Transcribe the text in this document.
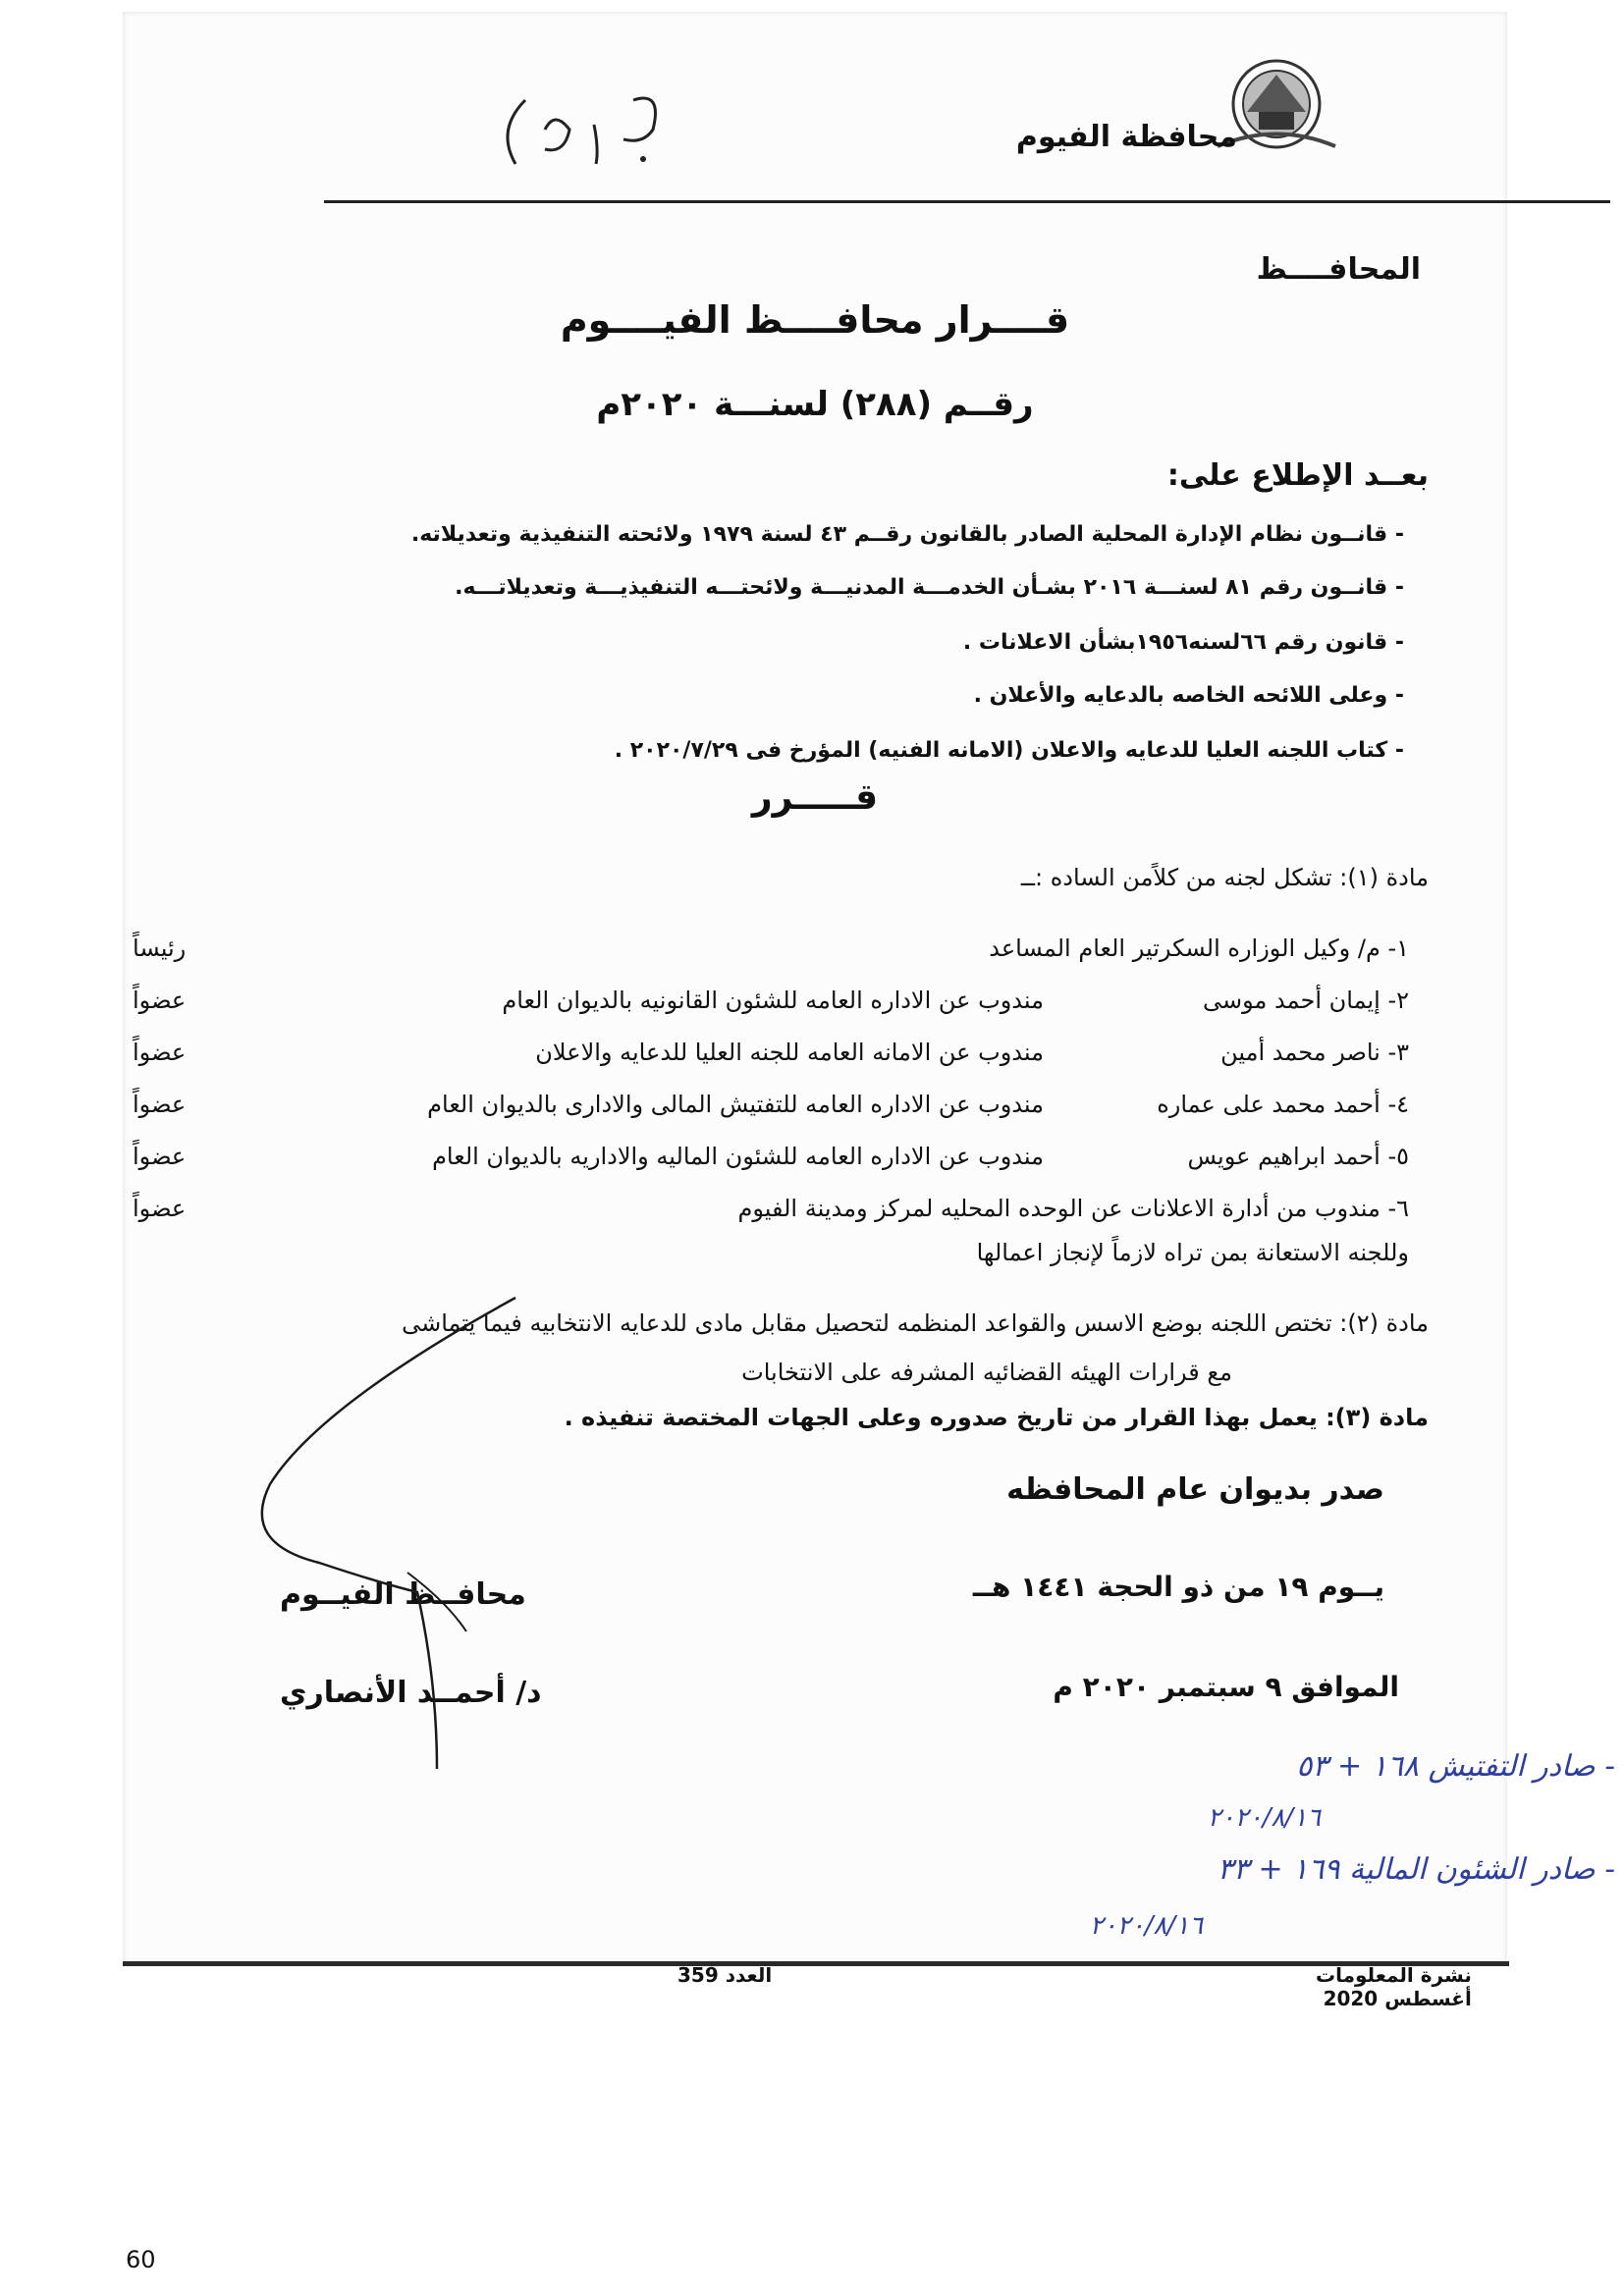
محافظة الفيوم
المحافــــظ
قــــرار محافــــظ الفيــــوم
رقــم (٢٨٨) لسنـــة ٢٠٢٠م
بعــد الإطلاع على:
- قانــون نظام الإدارة المحلية الصادر بالقانون رقــم ٤٣ لسنة ١٩٧٩ ولائحته التنفيذية وتعديلاته.
- قانــون رقم ٨١ لسنـــة ٢٠١٦ بشـأن الخدمـــة المدنيـــة ولائحتـــه التنفيذيـــة وتعديلاتـــه.
- قانون رقم ٦٦لسنه١٩٥٦بشأن الاعلانات .
- وعلى اللائحه الخاصه بالدعايه والأعلان .
- كتاب اللجنه العليا للدعايه والاعلان (الامانه الفنيه) المؤرخ فى ٢٠٢٠/٧/٢٩ .
قـــــرر
مادة (١): تشكل لجنه من كلاًمن الساده :ــ
١- م/ وكيل الوزاره السكرتير العام المساعد
رئيساً
٢- إيمان أحمد موسى
مندوب عن الاداره العامه للشئون القانونيه بالديوان العام
عضواً
٣- ناصر محمد أمين
مندوب عن الامانه العامه للجنه العليا للدعايه والاعلان
عضواً
٤- أحمد محمد على عماره
مندوب عن الاداره العامه للتفتيش المالى والادارى بالديوان العام
عضواً
٥- أحمد ابراهيم عويس
مندوب عن الاداره العامه للشئون الماليه والاداريه بالديوان العام
عضواً
٦- مندوب من أدارة الاعلانات عن الوحده المحليه لمركز ومدينة الفيوم
عضواً
وللجنه الاستعانة بمن تراه لازماً لإنجاز اعمالها
مادة (٢): تختص اللجنه بوضع الاسس والقواعد المنظمه لتحصيل مقابل مادى للدعايه الانتخابيه فيما يتماشى
مع قرارات الهيئه القضائيه المشرفه على الانتخابات
مادة (٣): يعمل بهذا القرار من تاريخ صدوره وعلى الجهات المختصة تنفيذه .
صدر بديوان عام المحافظه
يــوم ١٩ من ذو الحجة ١٤٤١ هــ
الموافق ٩ سبتمبر ٢٠٢٠ م
محافــظ الفيــوم
د/ أحمــد الأنصاري
- صادر التفتيش ١٦٨ + ٥٣
٢٠٢٠/٨/١٦
- صادر الشئون المالية ١٦٩ + ٣٣
٢٠٢٠/٨/١٦
نشرة المعلومات
أغسطس 2020
العدد 359
60
